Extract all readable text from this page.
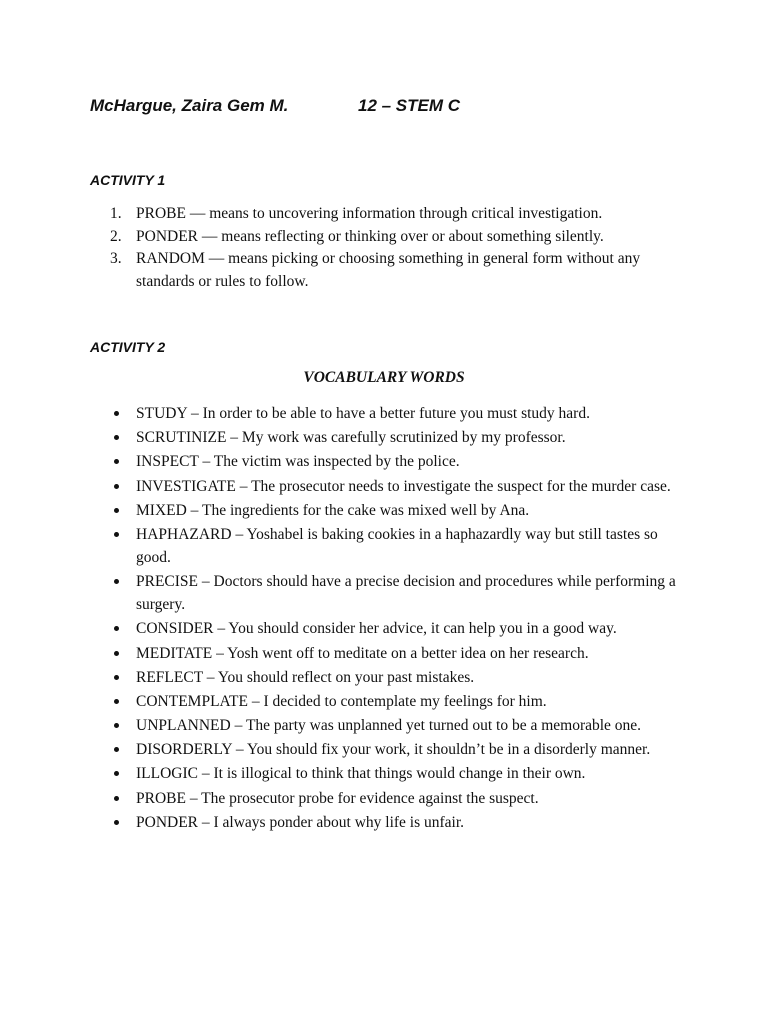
McHargue, Zaira Gem M.	12 – STEM C
ACTIVITY 1
1. PROBE — means to uncovering information through critical investigation.
2. PONDER — means reflecting or thinking over or about something silently.
3. RANDOM — means picking or choosing something in general form without any standards or rules to follow.
ACTIVITY 2
VOCABULARY WORDS
STUDY – In order to be able to have a better future you must study hard.
SCRUTINIZE – My work was carefully scrutinized by my professor.
INSPECT – The victim was inspected by the police.
INVESTIGATE – The prosecutor needs to investigate the suspect for the murder case.
MIXED – The ingredients for the cake was mixed well by Ana.
HAPHAZARD – Yoshabel is baking cookies in a haphazardly way but still tastes so good.
PRECISE – Doctors should have a precise decision and procedures while performing a surgery.
CONSIDER – You should consider her advice, it can help you in a good way.
MEDITATE – Yosh went off to meditate on a better idea on her research.
REFLECT – You should reflect on your past mistakes.
CONTEMPLATE – I decided to contemplate my feelings for him.
UNPLANNED – The party was unplanned yet turned out to be a memorable one.
DISORDERLY – You should fix your work, it shouldn’t be in a disorderly manner.
ILLOGIC – It is illogical to think that things would change in their own.
PROBE – The prosecutor probe for evidence against the suspect.
PONDER – I always ponder about why life is unfair.
